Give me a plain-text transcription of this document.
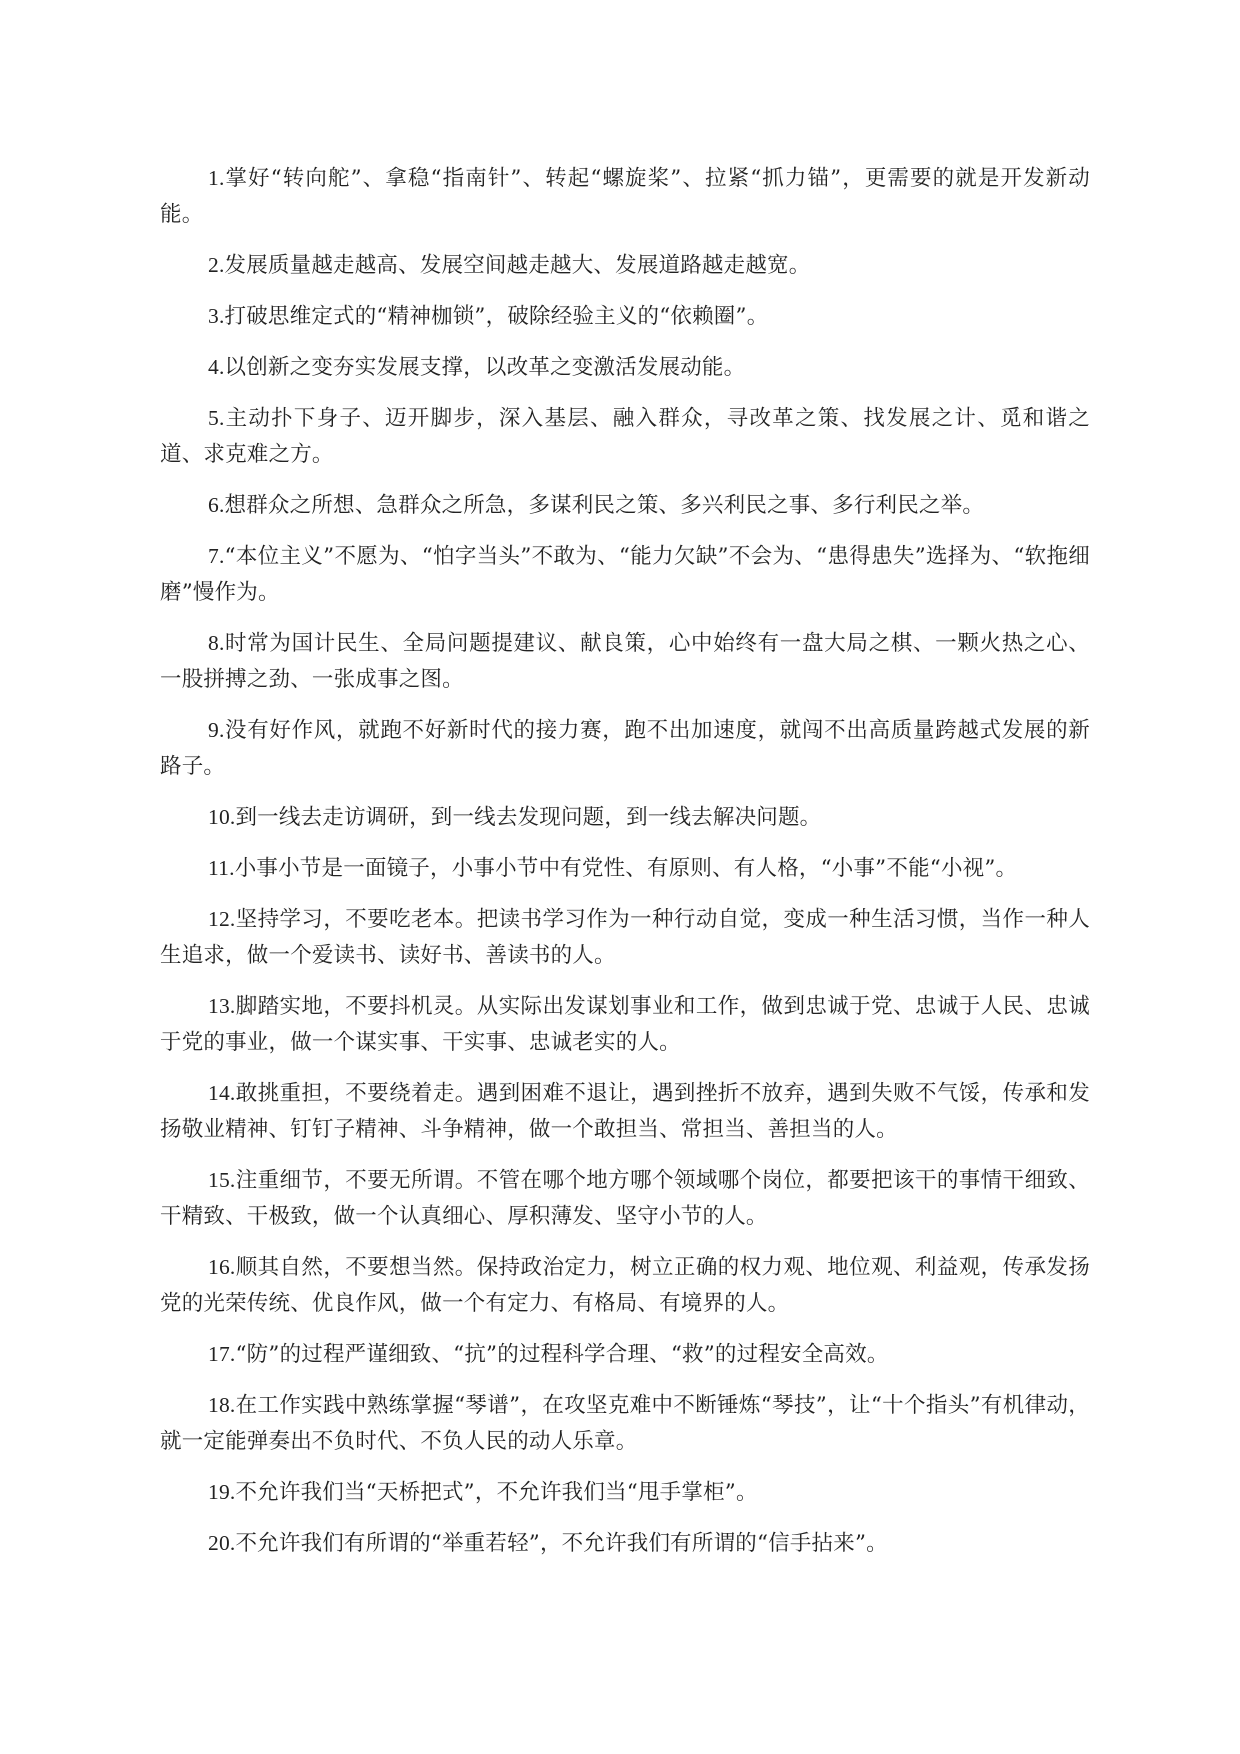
1.掌好“转向舵”、拿稳“指南针”、转起“螺旋桨”、拉紧“抓力锚”，更需要的就是开发新动能。

2.发展质量越走越高、发展空间越走越大、发展道路越走越宽。

3.打破思维定式的“精神枷锁”，破除经验主义的“依赖圈”。

4.以创新之变夯实发展支撑，以改革之变激活发展动能。

5.主动扑下身子、迈开脚步，深入基层、融入群众，寻改革之策、找发展之计、觅和谐之道、求克难之方。

6.想群众之所想、急群众之所急，多谋利民之策、多兴利民之事、多行利民之举。

7.“本位主义”不愿为、“怕字当头”不敢为、“能力欠缺”不会为、“患得患失”选择为、“软拖细磨”慢作为。

8.时常为国计民生、全局问题提建议、献良策，心中始终有一盘大局之棋、一颗火热之心、一股拼搏之劲、一张成事之图。

9.没有好作风，就跑不好新时代的接力赛，跑不出加速度，就闯不出高质量跨越式发展的新路子。

10.到一线去走访调研，到一线去发现问题，到一线去解决问题。

11.小事小节是一面镜子，小事小节中有党性、有原则、有人格，“小事”不能“小视”。

12.坚持学习，不要吃老本。把读书学习作为一种行动自觉，变成一种生活习惯，当作一种人生追求，做一个爱读书、读好书、善读书的人。

13.脚踏实地，不要抖机灵。从实际出发谋划事业和工作，做到忠诚于党、忠诚于人民、忠诚于党的事业，做一个谋实事、干实事、忠诚老实的人。

14.敢挑重担，不要绕着走。遇到困难不退让，遇到挫折不放弃，遇到失败不气馁，传承和发扬敬业精神、钉钉子精神、斗争精神，做一个敢担当、常担当、善担当的人。

15.注重细节，不要无所谓。不管在哪个地方哪个领域哪个岗位，都要把该干的事情干细致、干精致、干极致，做一个认真细心、厚积薄发、坚守小节的人。

16.顺其自然，不要想当然。保持政治定力，树立正确的权力观、地位观、利益观，传承发扬党的光荣传统、优良作风，做一个有定力、有格局、有境界的人。

17.“防”的过程严谨细致、“抗”的过程科学合理、“救”的过程安全高效。

18.在工作实践中熟练掌握“琴谱”，在攻坚克难中不断锤炼“琴技”，让“十个指头”有机律动，就一定能弹奏出不负时代、不负人民的动人乐章。

19.不允许我们当“天桥把式”，不允许我们当“甩手掌柜”。

20.不允许我们有所谓的“举重若轻”，不允许我们有所谓的“信手拈来”。
